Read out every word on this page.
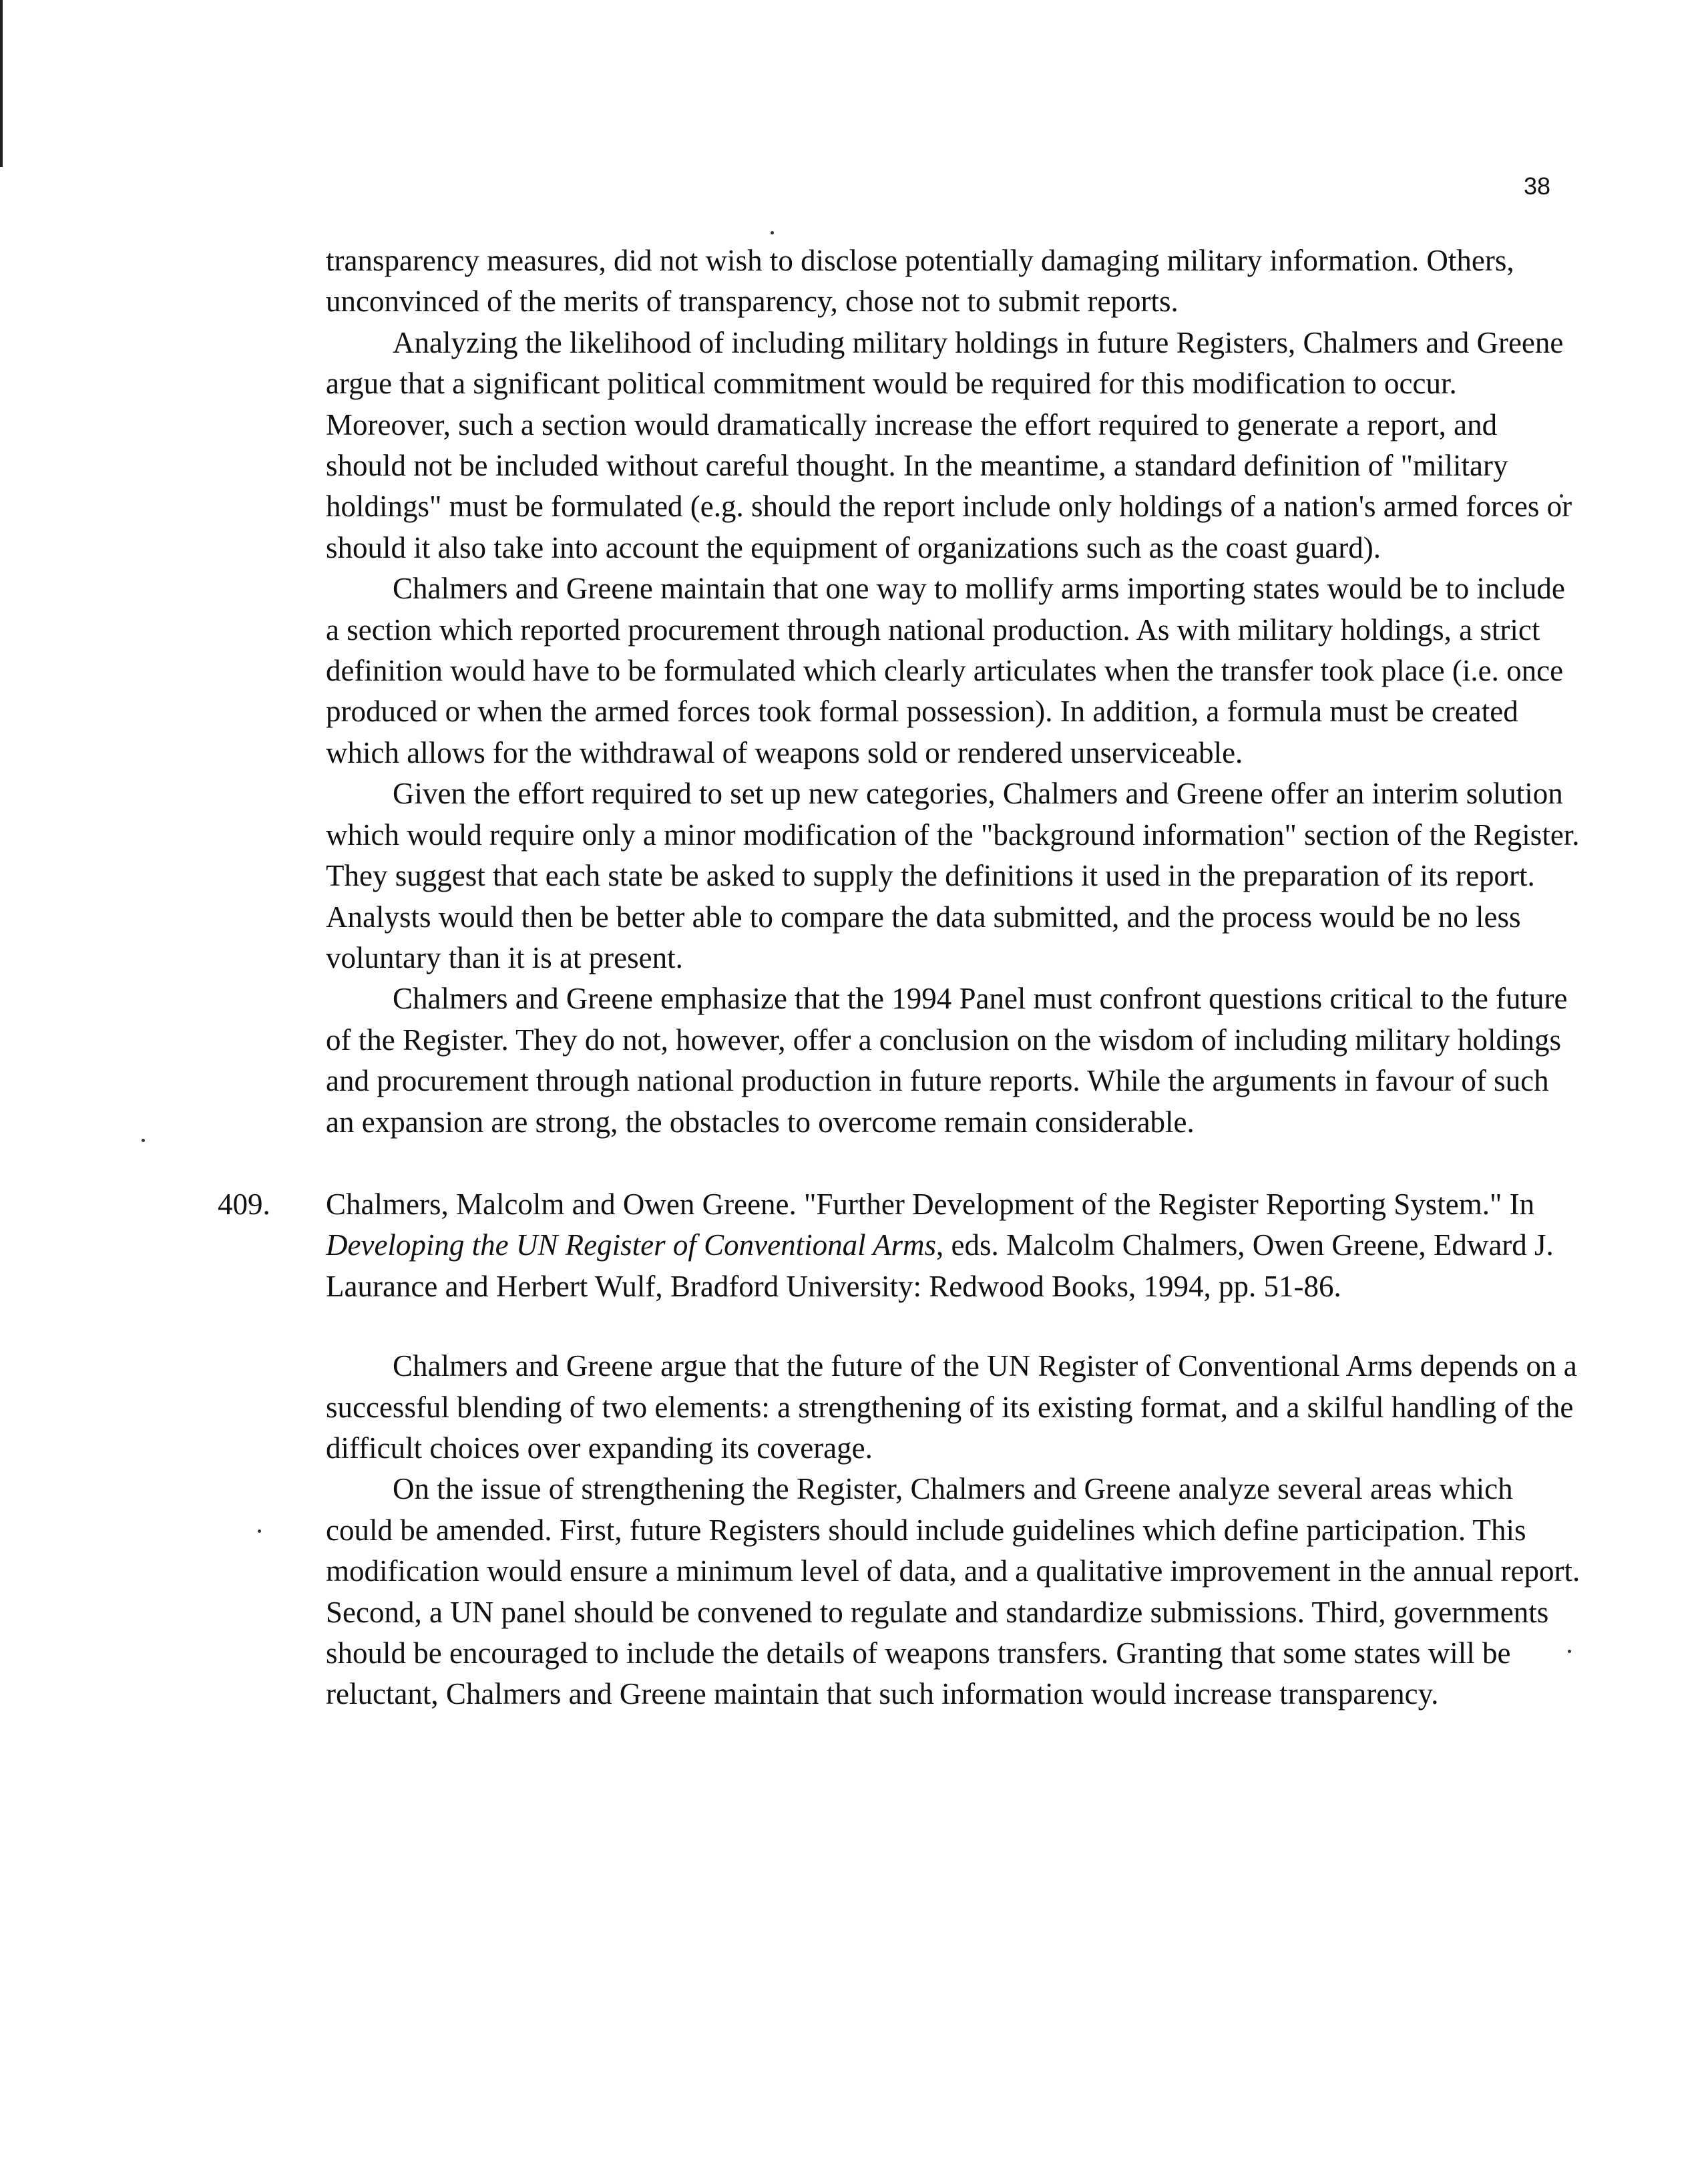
38

transparency measures, did not wish to disclose potentially damaging military information. Others, unconvinced of the merits of transparency, chose not to submit reports.

Analyzing the likelihood of including military holdings in future Registers, Chalmers and Greene argue that a significant political commitment would be required for this modification to occur. Moreover, such a section would dramatically increase the effort required to generate a report, and should not be included without careful thought. In the meantime, a standard definition of "military holdings" must be formulated (e.g. should the report include only holdings of a nation's armed forces or should it also take into account the equipment of organizations such as the coast guard).

Chalmers and Greene maintain that one way to mollify arms importing states would be to include a section which reported procurement through national production. As with military holdings, a strict definition would have to be formulated which clearly articulates when the transfer took place (i.e. once produced or when the armed forces took formal possession). In addition, a formula must be created which allows for the withdrawal of weapons sold or rendered unserviceable.

Given the effort required to set up new categories, Chalmers and Greene offer an interim solution which would require only a minor modification of the "background information" section of the Register. They suggest that each state be asked to supply the definitions it used in the preparation of its report. Analysts would then be better able to compare the data submitted, and the process would be no less voluntary than it is at present.

Chalmers and Greene emphasize that the 1994 Panel must confront questions critical to the future of the Register. They do not, however, offer a conclusion on the wisdom of including military holdings and procurement through national production in future reports. While the arguments in favour of such an expansion are strong, the obstacles to overcome remain considerable.

409. Chalmers, Malcolm and Owen Greene. "Further Development of the Register Reporting System." In Developing the UN Register of Conventional Arms, eds. Malcolm Chalmers, Owen Greene, Edward J. Laurance and Herbert Wulf, Bradford University: Redwood Books, 1994, pp. 51-86.

Chalmers and Greene argue that the future of the UN Register of Conventional Arms depends on a successful blending of two elements: a strengthening of its existing format, and a skilful handling of the difficult choices over expanding its coverage.

On the issue of strengthening the Register, Chalmers and Greene analyze several areas which could be amended. First, future Registers should include guidelines which define participation. This modification would ensure a minimum level of data, and a qualitative improvement in the annual report. Second, a UN panel should be convened to regulate and standardize submissions. Third, governments should be encouraged to include the details of weapons transfers. Granting that some states will be reluctant, Chalmers and Greene maintain that such information would increase transparency.
